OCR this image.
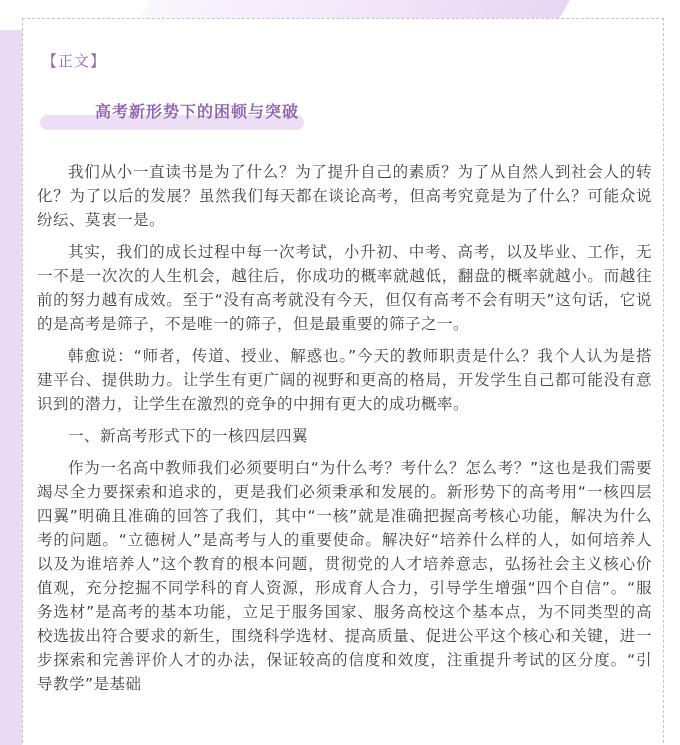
【正文】
高考新形势下的困顿与突破

我们从小一直读书是为了什么？为了提升自己的素质？为了从自然人到社会人的转化？为了以后的发展？虽然我们每天都在谈论高考，但高考究竟是为了什么？可能众说纷纭、莫衷一是。

其实，我们的成长过程中每一次考试，小升初、中考、高考，以及毕业、工作，无一不是一次次的人生机会，越往后，你成功的概率就越低，翻盘的概率就越小。而越往前的努力越有成效。至于“没有高考就没有今天，但仅有高考不会有明天”这句话，它说的是高考是筛子，不是唯一的筛子，但是最重要的筛子之一。

韩愈说：“师者，传道、授业、解惑也。”今天的教师职责是什么？我个人认为是搭建平台、提供助力。让学生有更广阔的视野和更高的格局，开发学生自己都可能没有意识到的潜力，让学生在激烈的竞争的中拥有更大的成功概率。

一、新高考形式下的一核四层四翼

作为一名高中教师我们必须要明白“为什么考？考什么？怎么考？”这也是我们需要竭尽全力要探索和追求的，更是我们必须秉承和发展的。新形势下的高考用“一核四层四翼”明确且准确的回答了我们，其中“一核”就是准确把握高考核心功能，解决为什么考的问题。“立德树人”是高考与人的重要使命。解决好“培养什么样的人，如何培养人以及为谁培养人”这个教育的根本问题，贯彻党的人才培养意志，弘扬社会主义核心价值观，充分挖掘不同学科的育人资源，形成育人合力，引导学生增强“四个自信”。“服务选材”是高考的基本功能，立足于服务国家、服务高校这个基本点，为不同类型的高校选拔出符合要求的新生，围绕科学选材、提高质量、促进公平这个核心和关键，进一步探索和完善评价人才的办法，保证较高的信度和效度，注重提升考试的区分度。“引导教学”是基础
